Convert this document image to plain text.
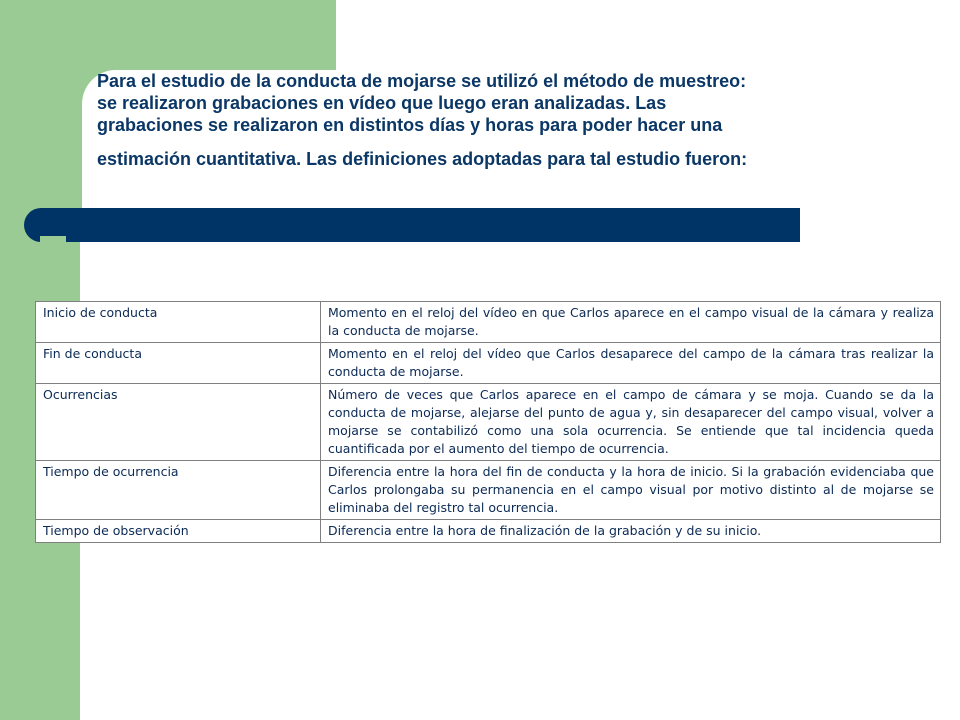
Para el estudio de la conducta de mojarse se utilizó el método de muestreo:
se realizaron grabaciones en vídeo que luego eran analizadas. Las
grabaciones se realizaron en distintos días y horas para poder hacer una
estimación cuantitativa. Las definiciones adoptadas para tal estudio fueron:
Inicio de conducta	Momento en el reloj del vídeo en que Carlos aparece en el campo visual de la cámara y realiza la conducta de mojarse.
Fin de conducta	Momento en el reloj del vídeo que Carlos desaparece del campo de la cámara tras realizar la conducta de mojarse.
Ocurrencias	Número de veces que Carlos aparece en el campo de cámara y se moja. Cuando se da la conducta de mojarse, alejarse del punto de agua y, sin desaparecer del campo visual, volver a mojarse se contabilizó como una sola ocurrencia. Se entiende que tal incidencia queda cuantificada por el aumento del tiempo de ocurrencia.
Tiempo de ocurrencia	Diferencia entre la hora del fin de conducta y la hora de inicio. Si la grabación evidenciaba que Carlos prolongaba su permanencia en el campo visual por motivo distinto al de mojarse se eliminaba del registro tal ocurrencia.
Tiempo de observación	Diferencia entre la hora de finalización de la grabación y de su inicio.
